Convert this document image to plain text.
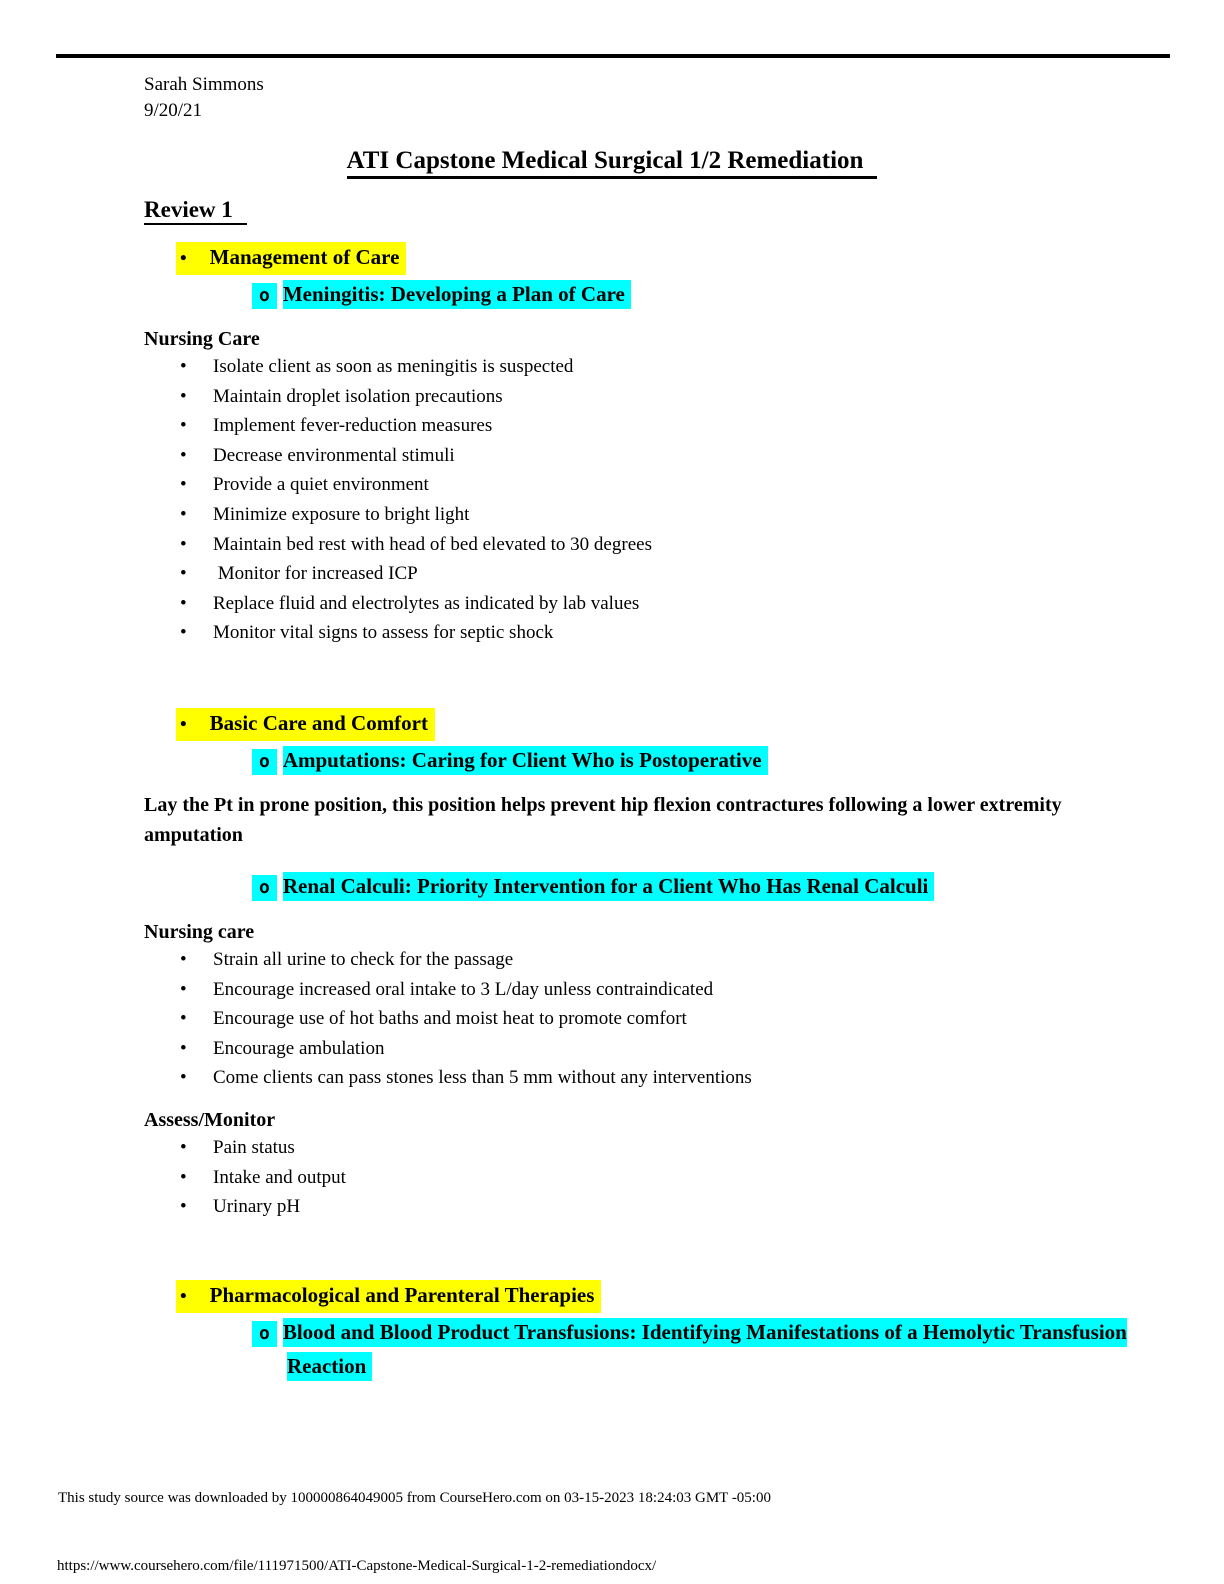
Sarah Simmons
9/20/21
ATI Capstone Medical Surgical 1/2 Remediation
Review 1
• Management of Care
o Meningitis: Developing a Plan of Care
Nursing Care
• Isolate client as soon as meningitis is suspected
• Maintain droplet isolation precautions
• Implement fever-reduction measures
• Decrease environmental stimuli
• Provide a quiet environment
• Minimize exposure to bright light
• Maintain bed rest with head of bed elevated to 30 degrees
• Monitor for increased ICP
• Replace fluid and electrolytes as indicated by lab values
• Monitor vital signs to assess for septic shock
• Basic Care and Comfort
o Amputations: Caring for Client Who is Postoperative

Lay the Pt in prone position, this position helps prevent hip flexion contractures following a lower extremity amputation

o Renal Calculi: Priority Intervention for a Client Who Has Renal Calculi
Nursing care
• Strain all urine to check for the passage
• Encourage increased oral intake to 3 L/day unless contraindicated
• Encourage use of hot baths and moist heat to promote comfort
• Encourage ambulation
• Come clients can pass stones less than 5 mm without any interventions
Assess/Monitor
• Pain status
• Intake and output
• Urinary pH
• Pharmacological and Parenteral Therapies
o Blood and Blood Product Transfusions: Identifying Manifestations of a Hemolytic Transfusion Reaction
This study source was downloaded by 100000864049005 from CourseHero.com on 03-15-2023 18:24:03 GMT -05:00
https://www.coursehero.com/file/111971500/ATI-Capstone-Medical-Surgical-1-2-remediationdocx/
